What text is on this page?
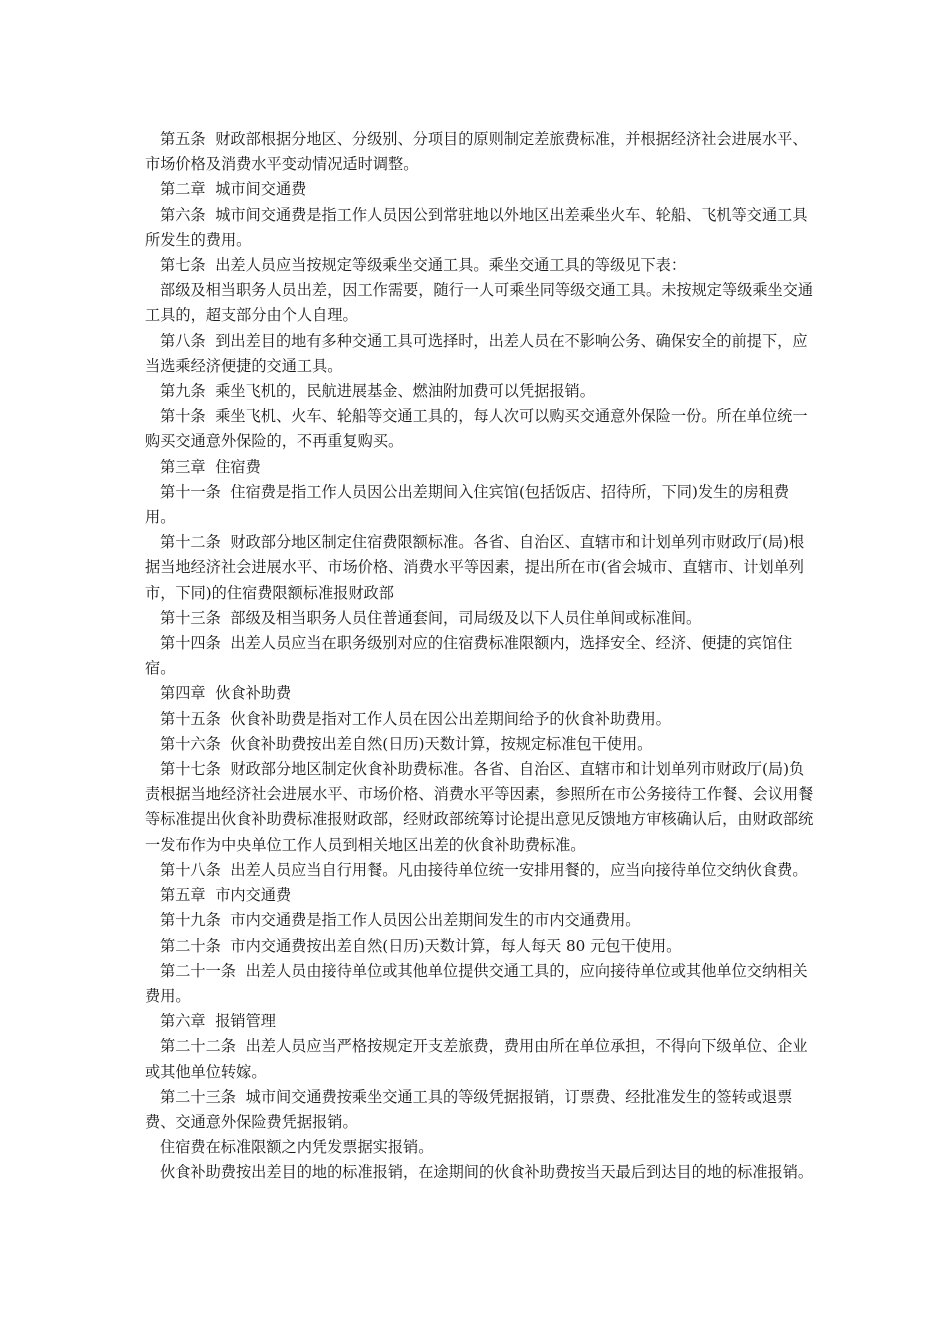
第五条  财政部根据分地区、分级别、分项目的原则制定差旅费标准，并根据经济社会进展水平、市场价格及消费水平变动情况适时调整。

第二章  城市间交通费

第六条  城市间交通费是指工作人员因公到常驻地以外地区出差乘坐火车、轮船、飞机等交通工具所发生的费用。

第七条  出差人员应当按规定等级乘坐交通工具。乘坐交通工具的等级见下表：

部级及相当职务人员出差，因工作需要，随行一人可乘坐同等级交通工具。未按规定等级乘坐交通工具的，超支部分由个人自理。

第八条  到出差目的地有多种交通工具可选择时，出差人员在不影响公务、确保安全的前提下，应当选乘经济便捷的交通工具。

第九条  乘坐飞机的，民航进展基金、燃油附加费可以凭据报销。

第十条  乘坐飞机、火车、轮船等交通工具的，每人次可以购买交通意外保险一份。所在单位统一购买交通意外保险的，不再重复购买。

第三章  住宿费

第十一条  住宿费是指工作人员因公出差期间入住宾馆(包括饭店、招待所，下同)发生的房租费用。

第十二条  财政部分地区制定住宿费限额标准。各省、自治区、直辖市和计划单列市财政厅(局)根据当地经济社会进展水平、市场价格、消费水平等因素，提出所在市(省会城市、直辖市、计划单列市，下同)的住宿费限额标准报财政部

第十三条  部级及相当职务人员住普通套间，司局级及以下人员住单间或标准间。

第十四条  出差人员应当在职务级别对应的住宿费标准限额内，选择安全、经济、便捷的宾馆住宿。

第四章  伙食补助费

第十五条  伙食补助费是指对工作人员在因公出差期间给予的伙食补助费用。

第十六条  伙食补助费按出差自然(日历)天数计算，按规定标准包干使用。

第十七条  财政部分地区制定伙食补助费标准。各省、自治区、直辖市和计划单列市财政厅(局)负责根据当地经济社会进展水平、市场价格、消费水平等因素，参照所在市公务接待工作餐、会议用餐等标准提出伙食补助费标准报财政部，经财政部统筹讨论提出意见反馈地方审核确认后，由财政部统一发布作为中央单位工作人员到相关地区出差的伙食补助费标准。

第十八条  出差人员应当自行用餐。凡由接待单位统一安排用餐的，应当向接待单位交纳伙食费。

第五章  市内交通费

第十九条  市内交通费是指工作人员因公出差期间发生的市内交通费用。

第二十条  市内交通费按出差自然(日历)天数计算，每人每天 80 元包干使用。

第二十一条  出差人员由接待单位或其他单位提供交通工具的，应向接待单位或其他单位交纳相关费用。

第六章  报销管理

第二十二条  出差人员应当严格按规定开支差旅费，费用由所在单位承担，不得向下级单位、企业或其他单位转嫁。

第二十三条  城市间交通费按乘坐交通工具的等级凭据报销，订票费、经批准发生的签转或退票费、交通意外保险费凭据报销。

住宿费在标准限额之内凭发票据实报销。

伙食补助费按出差目的地的标准报销，在途期间的伙食补助费按当天最后到达目的地的标准报销。
